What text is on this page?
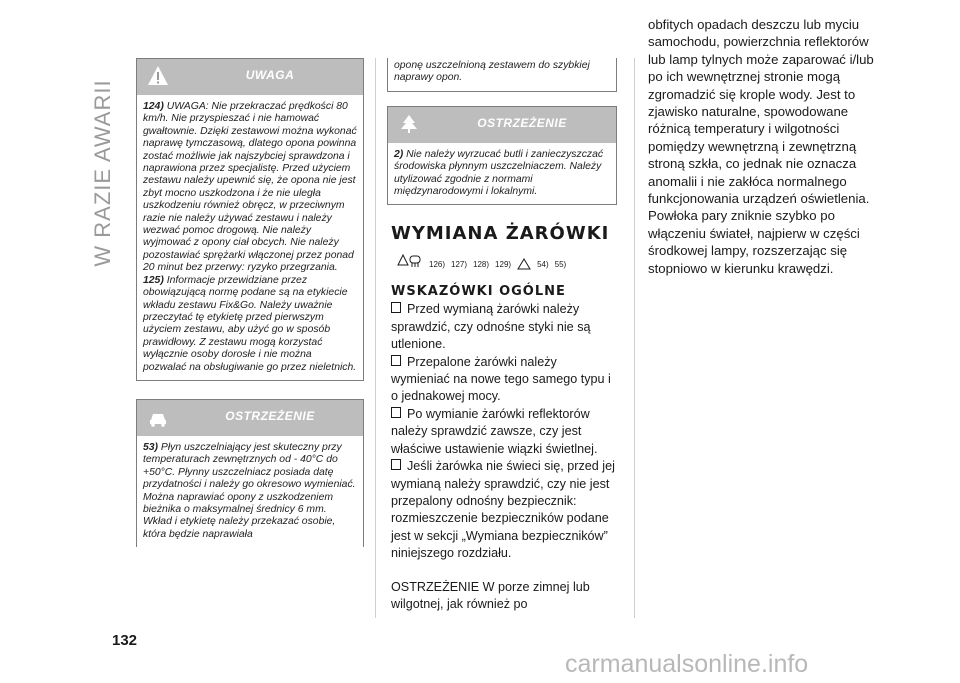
W RAZIE AWARII
UWAGA

124) UWAGA: Nie przekraczać prędkości 80 km/h. Nie przyspieszać i nie hamować gwałtownie. Dzięki zestawowi można wykonać naprawę tymczasową, dlatego opona powinna zostać możliwie jak najszybciej sprawdzona i naprawiona przez specjalistę. Przed użyciem zestawu należy upewnić się, że opona nie jest zbyt mocno uszkodzona i że nie uległa uszkodzeniu również obręcz, w przeciwnym razie nie należy używać zestawu i należy wezwać pomoc drogową. Nie należy wyjmować z opony ciał obcych. Nie należy pozostawiać sprężarki włączonej przez ponad 20 minut bez przerwy: ryzyko przegrzania.

125) Informacje przewidziane przez obowiązującą normę podane są na etykiecie wkładu zestawu Fix&Go. Należy uważnie przeczytać tę etykietę przed pierwszym użyciem zestawu, aby użyć go w sposób prawidłowy. Z zestawu mogą korzystać wyłącznie osoby dorosłe i nie można pozwalać na obsługiwanie go przez nieletnich.

OSTRZEŻENIE

53) Płyn uszczelniający jest skuteczny przy temperaturach zewnętrznych od - 40°C do +50°C. Płynny uszczelniacz posiada datę przydatności i należy go okresowo wymieniać. Można naprawiać opony z uszkodzeniem bieżnika o maksymalnej średnicy 6 mm. Wkład i etykietę należy przekazać osobie, która będzie naprawiała

oponę uszczelnioną zestawem do szybkiej naprawy opon.
OSTRZEŻENIE

2) Nie należy wyrzucać butli i zanieczyszczać środowiska płynnym uszczelniaczem. Należy utylizować zgodnie z normami międzynarodowymi i lokalnymi.

WYMIANA ŻARÓWKI
126) 127) 128) 129)	54) 55)
WSKAZÓWKI OGÓLNE
Przed wymianą żarówki należy sprawdzić, czy odnośne styki nie są utlenione.
Przepalone żarówki należy wymieniać na nowe tego samego typu i o jednakowej mocy.
Po wymianie żarówki reflektorów należy sprawdzić zawsze, czy jest właściwe ustawienie wiązki świetlnej.
Jeśli żarówka nie świeci się, przed jej wymianą należy sprawdzić, czy nie jest przepalony odnośny bezpiecznik: rozmieszczenie bezpieczników podane jest w sekcji „Wymiana bezpieczników” niniejszego rozdziału.
OSTRZEŻENIE W porze zimnej lub wilgotnej, jak również po
obfitych opadach deszczu lub myciu samochodu, powierzchnia reflektorów lub lamp tylnych może zaparować i/lub po ich wewnętrznej stronie mogą zgromadzić się krople wody. Jest to zjawisko naturalne, spowodowane różnicą temperatury i wilgotności pomiędzy wewnętrzną i zewnętrzną stroną szkła, co jednak nie oznacza anomalii i nie zakłóca normalnego funkcjonowania urządzeń oświetlenia. Powłoka pary zniknie szybko po włączeniu świateł, najpierw w części środkowej lampy, rozszerzając się stopniowo w kierunku krawędzi.
132
carmanualsonline.info
